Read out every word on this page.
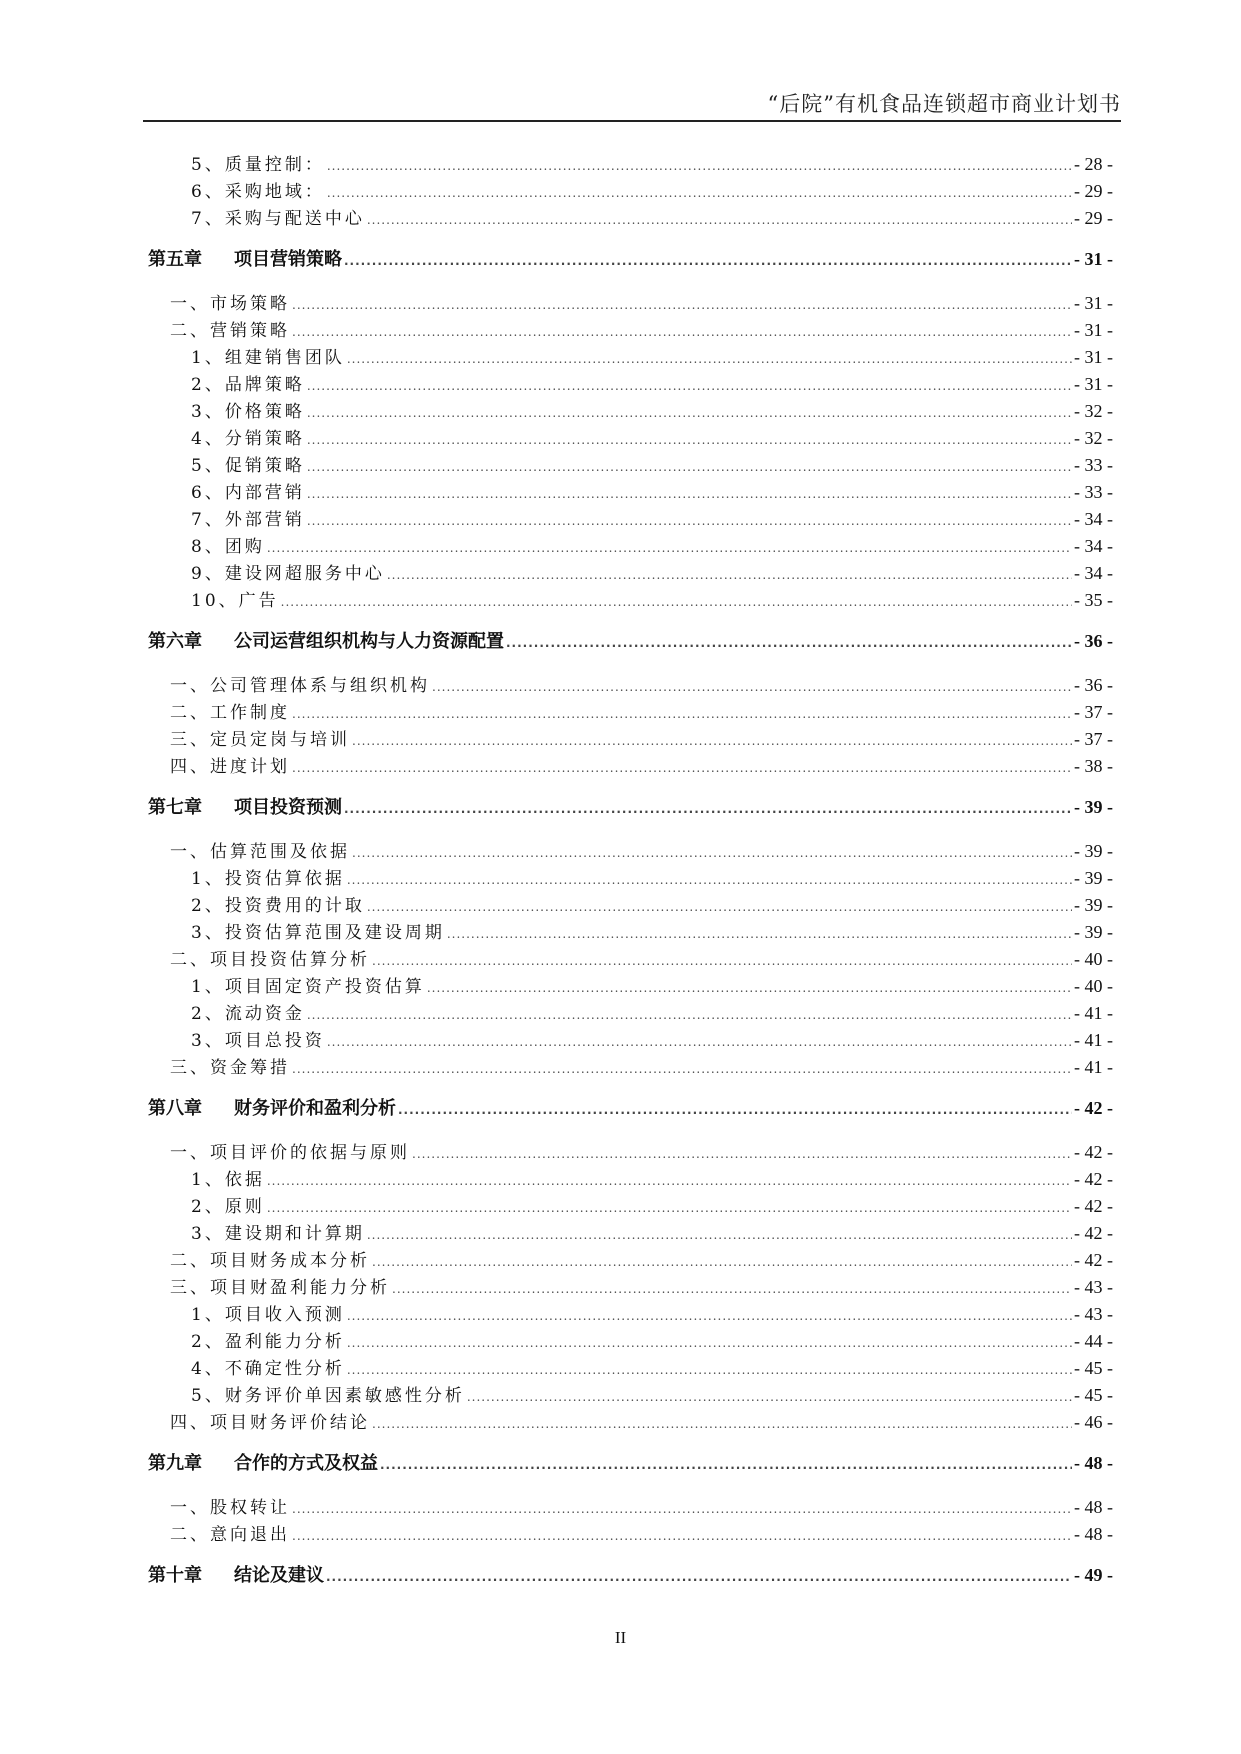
“后院”有机食品连锁超市商业计划书
5、质量控制： .....	- 28 -
6、采购地域： .....	- 29 -
7、采购与配送中心 .....	- 29 -
第五章 项目营销策略 .....	- 31 -
一、市场策略 .....	- 31 -
二、营销策略 .....	- 31 -
1、组建销售团队 .....	- 31 -
2、品牌策略 .....	- 31 -
3、价格策略 .....	- 32 -
4、分销策略 .....	- 32 -
5、促销策略 .....	- 33 -
6、内部营销 .....	- 33 -
7、外部营销 .....	- 34 -
8、团购 .....	- 34 -
9、建设网超服务中心 .....	- 34 -
10、广告 .....	- 35 -
第六章 公司运营组织机构与人力资源配置 .....	- 36 -
一、公司管理体系与组织机构 .....	- 36 -
二、工作制度 .....	- 37 -
三、定员定岗与培训 .....	- 37 -
四、进度计划 .....	- 38 -
第七章 项目投资预测 .....	- 39 -
一、估算范围及依据 .....	- 39 -
1、投资估算依据 .....	- 39 -
2、投资费用的计取 .....	- 39 -
3、投资估算范围及建设周期 .....	- 39 -
二、项目投资估算分析 .....	- 40 -
1、项目固定资产投资估算 .....	- 40 -
2、流动资金 .....	- 41 -
3、项目总投资 .....	- 41 -
三、资金筹措 .....	- 41 -
第八章 财务评价和盈利分析 .....	- 42 -
一、项目评价的依据与原则 .....	- 42 -
1、依据 .....	- 42 -
2、原则 .....	- 42 -
3、建设期和计算期 .....	- 42 -
二、项目财务成本分析 .....	- 42 -
三、项目财盈利能力分析 .....	- 43 -
1、项目收入预测 .....	- 43 -
2、盈利能力分析 .....	- 44 -
4、不确定性分析 .....	- 45 -
5、财务评价单因素敏感性分析 .....	- 45 -
四、项目财务评价结论 .....	- 46 -
第九章 合作的方式及权益 .....	- 48 -
一、股权转让 .....	- 48 -
二、意向退出 .....	- 48 -
第十章 结论及建议 .....	- 49 -
II
